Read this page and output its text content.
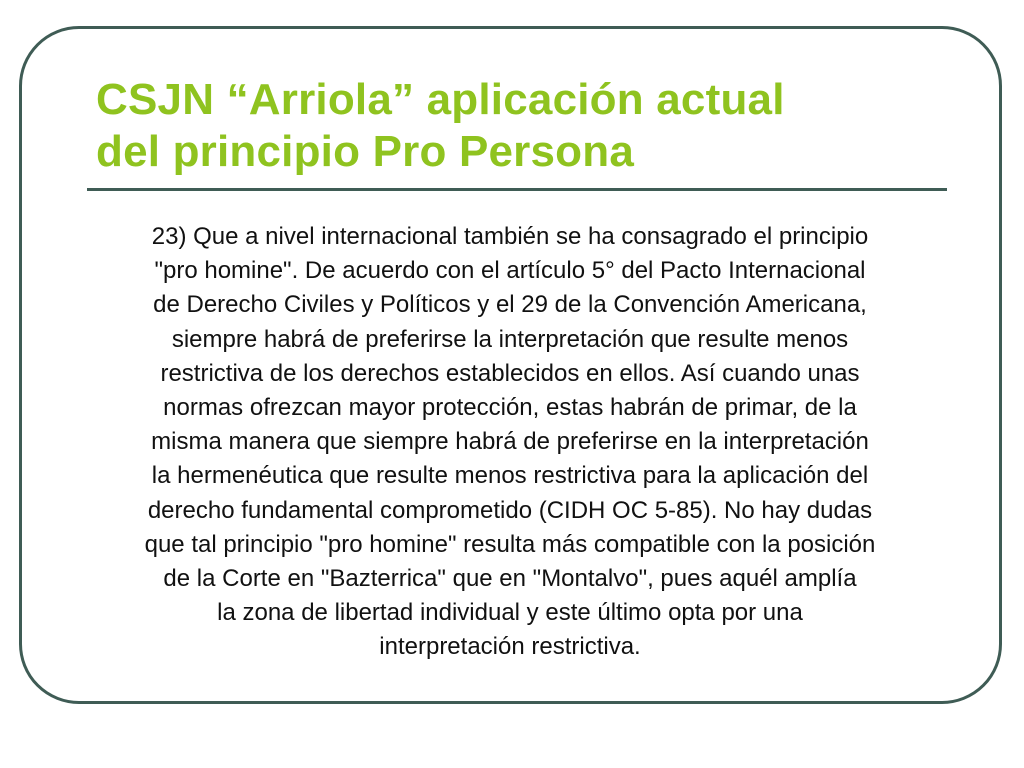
CSJN “Arriola” aplicación actual
del principio Pro Persona
23) Que a nivel internacional también se ha consagrado el principio
"pro homine". De acuerdo con el artículo 5° del Pacto Internacional
de Derecho Civiles y Políticos y el 29 de la Convención Americana,
siempre habrá de preferirse la interpretación que resulte menos
restrictiva de los derechos establecidos en ellos. Así cuando unas
normas ofrezcan mayor protección, estas habrán de primar, de la
misma manera que siempre habrá de preferirse en la interpretación
la hermenéutica que resulte menos restrictiva para la aplicación del
derecho fundamental comprometido (CIDH OC 5-85). No hay dudas
que tal principio "pro homine" resulta más compatible con la posición
de la Corte en "Bazterrica" que en "Montalvo", pues aquél amplía
la zona de libertad individual y este último opta por una
interpretación restrictiva.
